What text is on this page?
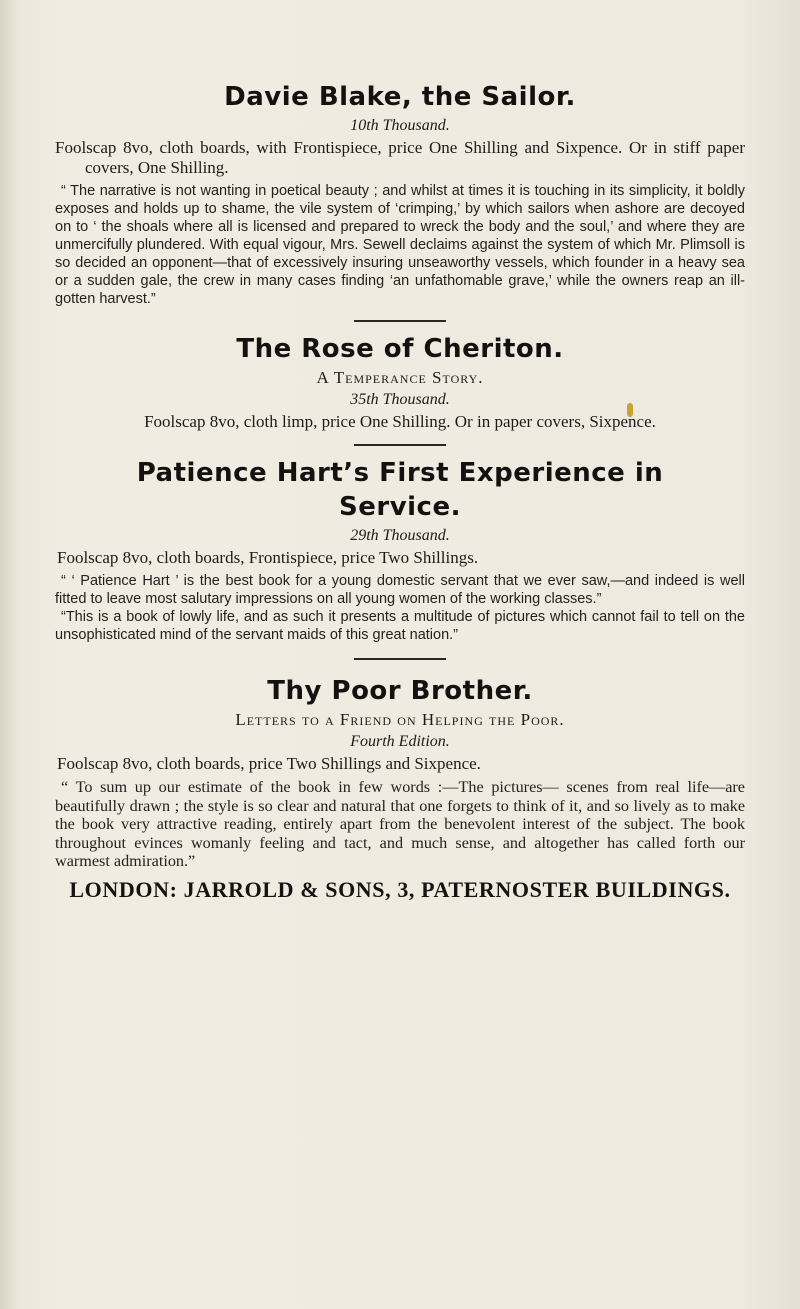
Davie Blake, the Sailor.

10th Thousand.

Foolscap 8vo, cloth boards, with Frontispiece, price One Shilling and Sixpence. Or in stiff paper covers, One Shilling.

“ The narrative is not wanting in poetical beauty ; and whilst at times it is touching in its simplicity, it boldly exposes and holds up to shame, the vile system of ‘crimping,’ by which sailors when ashore are decoyed on to ‘ the shoals where all is licensed and prepared to wreck the body and the soul,’ and where they are unmercifully plundered. With equal vigour, Mrs. Sewell declaims against the system of which Mr. Plimsoll is so decided an opponent—that of excessively insuring unseaworthy vessels, which founder in a heavy sea or a sudden gale, the crew in many cases finding ‘an unfathomable grave,’ while the owners reap an ill-gotten harvest.”

The Rose of Cheriton.

A Temperance Story.

35th Thousand.

Foolscap 8vo, cloth limp, price One Shilling. Or in paper covers, Sixpence.

Patience Hart’s First Experience in Service.

29th Thousand.

Foolscap 8vo, cloth boards, Frontispiece, price Two Shillings.

“ ‘ Patience Hart ’ is the best book for a young domestic servant that we ever saw,—and indeed is well fitted to leave most salutary impressions on all young women of the working classes.”

“This is a book of lowly life, and as such it presents a multitude of pictures which cannot fail to tell on the unsophisticated mind of the servant maids of this great nation.”

Thy Poor Brother.

Letters to a Friend on Helping the Poor.

Fourth Edition.

Foolscap 8vo, cloth boards, price Two Shillings and Sixpence.

“ To sum up our estimate of the book in few words :—The pictures— scenes from real life—are beautifully drawn ; the style is so clear and natural that one forgets to think of it, and so lively as to make the book very attractive reading, entirely apart from the benevolent interest of the subject. The book throughout evinces womanly feeling and tact, and much sense, and altogether has called forth our warmest admiration.”

LONDON: JARROLD & SONS, 3, PATERNOSTER BUILDINGS.
